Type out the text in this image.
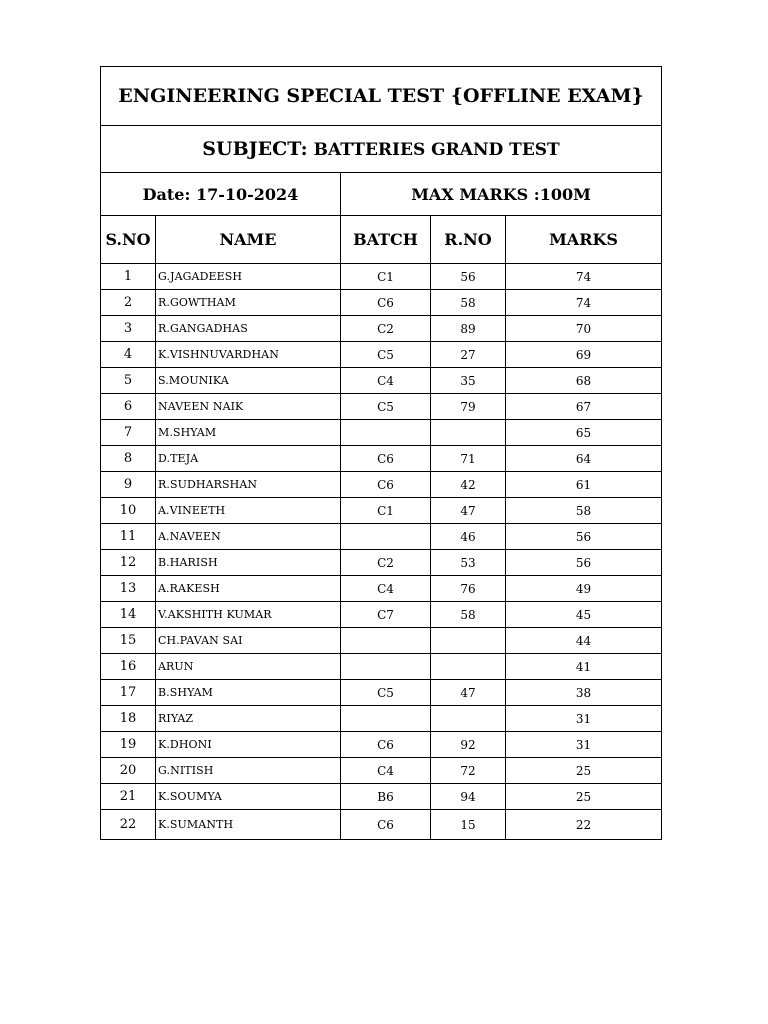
ENGINEERING SPECIAL TEST {OFFLINE EXAM}				
SUBJECT: BATTERIES GRAND TEST				
Date: 17-10-2024		MAX MARKS :100M		
S.NO	NAME	BATCH	R.NO	MARKS
1	G.JAGADEESH	C1	56	74
2	R.GOWTHAM	C6	58	74
3	R.GANGADHAS	C2	89	70
4	K.VISHNUVARDHAN	C5	27	69
5	S.MOUNIKA	C4	35	68
6	NAVEEN NAIK	C5	79	67
7	M.SHYAM			65
8	D.TEJA	C6	71	64
9	R.SUDHARSHAN	C6	42	61
10	A.VINEETH	C1	47	58
11	A.NAVEEN		46	56
12	B.HARISH	C2	53	56
13	A.RAKESH	C4	76	49
14	V.AKSHITH KUMAR	C7	58	45
15	CH.PAVAN SAI			44
16	ARUN			41
17	B.SHYAM	C5	47	38
18	RIYAZ			31
19	K.DHONI	C6	92	31
20	G.NITISH	C4	72	25
21	K.SOUMYA	B6	94	25
22	K.SUMANTH	C6	15	22
